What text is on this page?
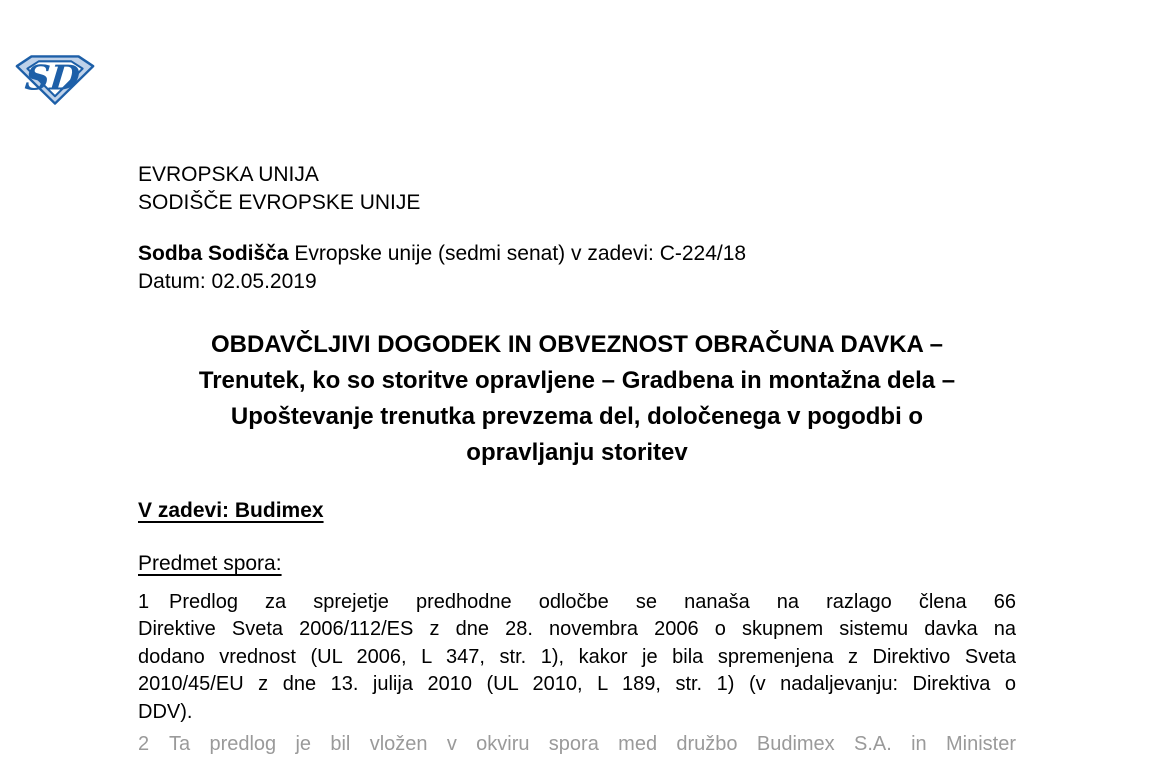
SD
EVROPSKA UNIJA
SODIŠČE EVROPSKE UNIJE
Sodba Sodišča Evropske unije (sedmi senat) v zadevi: C-224/18
Datum: 02.05.2019
OBDAVČLJIVI DOGODEK IN OBVEZNOST OBRAČUNA DAVKA –
Trenutek, ko so storitve opravljene – Gradbena in montažna dela –
Upoštevanje trenutka prevzema del, določenega v pogodbi o
opravljanju storitev
V zadevi: Budimex
Predmet spora:
1 Predlog za sprejetje predhodne odločbe se nanaša na razlago člena 66
Direktive Sveta 2006/112/ES z dne 28. novembra 2006 o skupnem sistemu davka na
dodano vrednost (UL 2006, L 347, str. 1), kakor je bila spremenjena z Direktivo Sveta
2010/45/EU z dne 13. julija 2010 (UL 2010, L 189, str. 1) (v nadaljevanju: Direktiva o
DDV).
2 Ta predlog je bil vložen v okviru spora med družbo Budimex S.A. in Minister
